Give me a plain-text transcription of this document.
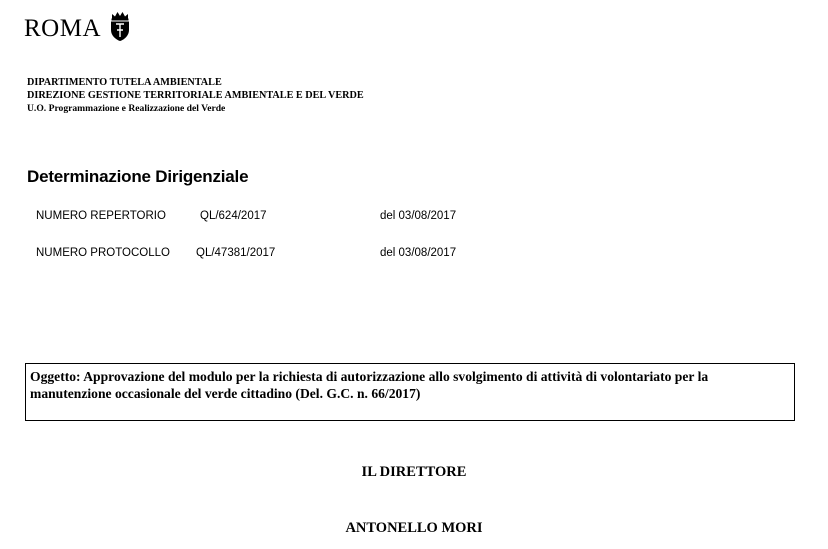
ROMA
DIPARTIMENTO TUTELA AMBIENTALE
DIREZIONE GESTIONE TERRITORIALE AMBIENTALE E DEL VERDE
U.O. Programmazione e Realizzazione del Verde
Determinazione Dirigenziale
NUMERO REPERTORIO	QL/624/2017	del 03/08/2017
NUMERO PROTOCOLLO QL/47381/2017	del 03/08/2017
Oggetto: Approvazione del modulo per la richiesta di autorizzazione allo svolgimento di attività di volontariato per la manutenzione occasionale del verde cittadino (Del. G.C. n. 66/2017)
IL DIRETTORE
ANTONELLO MORI
